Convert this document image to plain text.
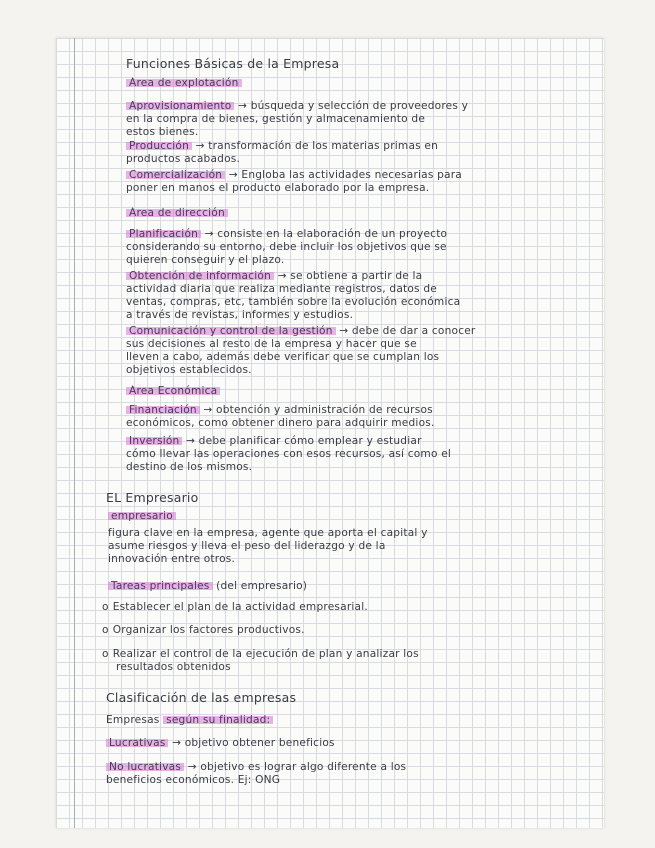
Funciones Básicas de la Empresa
Área de explotación
Aprovisionamiento → búsqueda y selección de proveedores y
en la compra de bienes, gestión y almacenamiento de
estos bienes.
Producción → transformación de los materias primas en
productos acabados.
Comercialización → Engloba las actividades necesarias para
poner en manos el producto elaborado por la empresa.
Área de dirección
Planificación → consiste en la elaboración de un proyecto
considerando su entorno, debe incluir los objetivos que se
quieren conseguir y el plazo.
Obtención de información → se obtiene a partir de la
actividad diaria que realiza mediante registros, datos de
ventas, compras, etc, también sobre la evolución económica
a través de revistas, informes y estudios.
Comunicación y control de la gestión → debe de dar a conocer
sus decisiones al resto de la empresa y hacer que se
lleven a cabo, además debe verificar que se cumplan los
objetivos establecidos.
Área Económica
Financiación → obtención y administración de recursos
económicos, como obtener dinero para adquirir medios.
Inversión → debe planificar cómo emplear y estudiar
cómo llevar las operaciones con esos recursos, así como el
destino de los mismos.
EL Empresario
empresario
figura clave en la empresa, agente que aporta el capital y
asume riesgos y lleva el peso del liderazgo y de la
innovación entre otros.
Tareas principales (del empresario)
o Establecer el plan de la actividad empresarial.
o Organizar los factores productivos.
o Realizar el control de la ejecución de plan y analizar los
resultados obtenidos
Clasificación de las empresas
Empresas según su finalidad:
Lucrativas → objetivo obtener beneficios
No lucrativas → objetivo es lograr algo diferente a los
beneficios económicos. Ej: ONG
